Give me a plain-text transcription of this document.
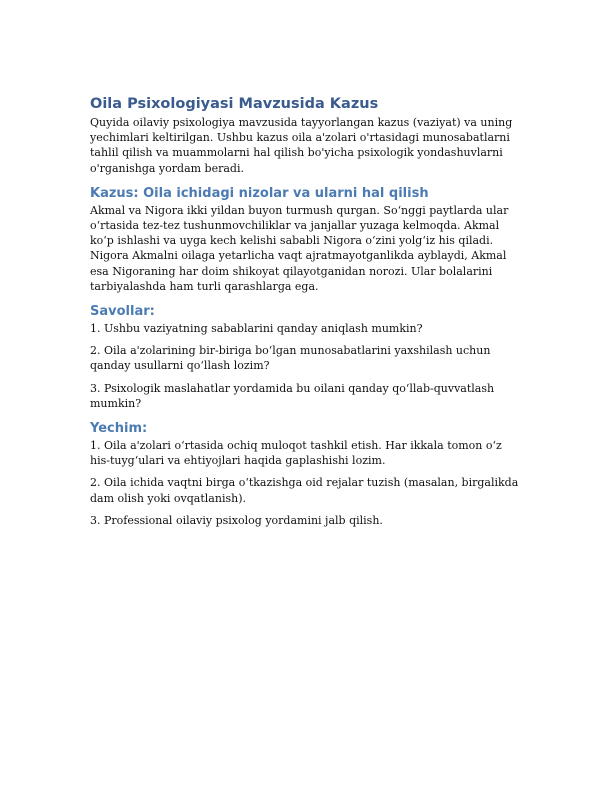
Oila Psixologiyasi Mavzusida Kazus

Quyida oilaviy psixologiya mavzusida tayyorlangan kazus (vaziyat) va uning yechimlari keltirilgan. Ushbu kazus oila a'zolari o'rtasidagi munosabatlarni tahlil qilish va muammolarni hal qilish bo'yicha psixologik yondashuvlarni o'rganishga yordam beradi.

Kazus: Oila ichidagi nizolar va ularni hal qilish

Akmal va Nigora ikki yildan buyon turmush qurgan. So‘nggi paytlarda ular o‘rtasida tez-tez tushunmovchiliklar va janjallar yuzaga kelmoqda. Akmal ko‘p ishlashi va uyga kech kelishi sababli Nigora o‘zini yolg‘iz his qiladi. Nigora Akmalni oilaga yetarlicha vaqt ajratmayotganlikda ayblaydi, Akmal esa Nigoraning har doim shikoyat qilayotganidan norozi. Ular bolalarini tarbiyalashda ham turli qarashlarga ega.

Savollar:

1. Ushbu vaziyatning sabablarini qanday aniqlash mumkin?

2. Oila a'zolarining bir-biriga bo‘lgan munosabatlarini yaxshilash uchun qanday usullarni qo‘llash lozim?

3. Psixologik maslahatlar yordamida bu oilani qanday qo‘llab-quvvatlash mumkin?

Yechim:

1. Oila a'zolari o‘rtasida ochiq muloqot tashkil etish. Har ikkala tomon o‘z his-tuyg‘ulari va ehtiyojlari haqida gaplashishi lozim.

2. Oila ichida vaqtni birga o‘tkazishga oid rejalar tuzish (masalan, birgalikda dam olish yoki ovqatlanish).

3. Professional oilaviy psixolog yordamini jalb qilish.
